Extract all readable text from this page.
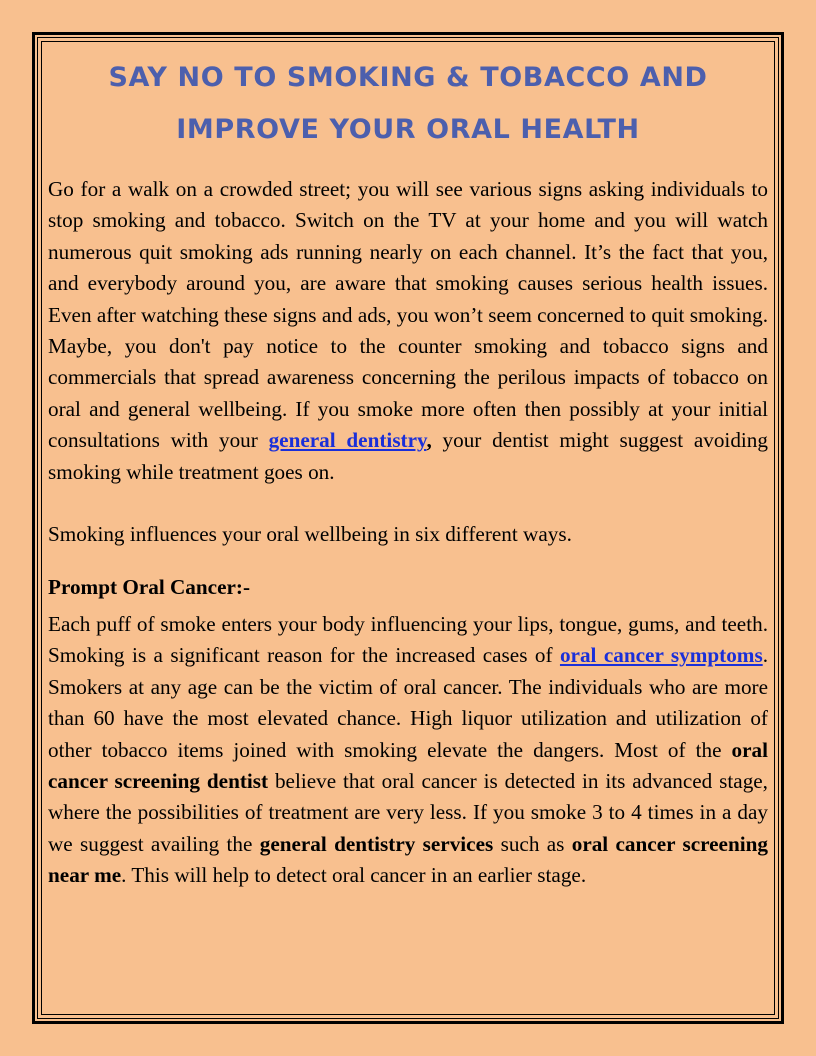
SAY NO TO SMOKING & TOBACCO AND
IMPROVE YOUR ORAL HEALTH

Go for a walk on a crowded street; you will see various signs asking individuals to stop smoking and tobacco. Switch on the TV at your home and you will watch numerous quit smoking ads running nearly on each channel. It’s the fact that you, and everybody around you, are aware that smoking causes serious health issues. Even after watching these signs and ads, you won’t seem concerned to quit smoking. Maybe, you don't pay notice to the counter smoking and tobacco signs and commercials that spread awareness concerning the perilous impacts of tobacco on oral and general wellbeing. If you smoke more often then possibly at your initial consultations with your general dentistry, your dentist might suggest avoiding smoking while treatment goes on.

Smoking influences your oral wellbeing in six different ways.

Prompt Oral Cancer:-

Each puff of smoke enters your body influencing your lips, tongue, gums, and teeth. Smoking is a significant reason for the increased cases of oral cancer symptoms. Smokers at any age can be the victim of oral cancer. The individuals who are more than 60 have the most elevated chance. High liquor utilization and utilization of other tobacco items joined with smoking elevate the dangers. Most of the oral cancer screening dentist believe that oral cancer is detected in its advanced stage, where the possibilities of treatment are very less. If you smoke 3 to 4 times in a day we suggest availing the general dentistry services such as oral cancer screening near me. This will help to detect oral cancer in an earlier stage.
